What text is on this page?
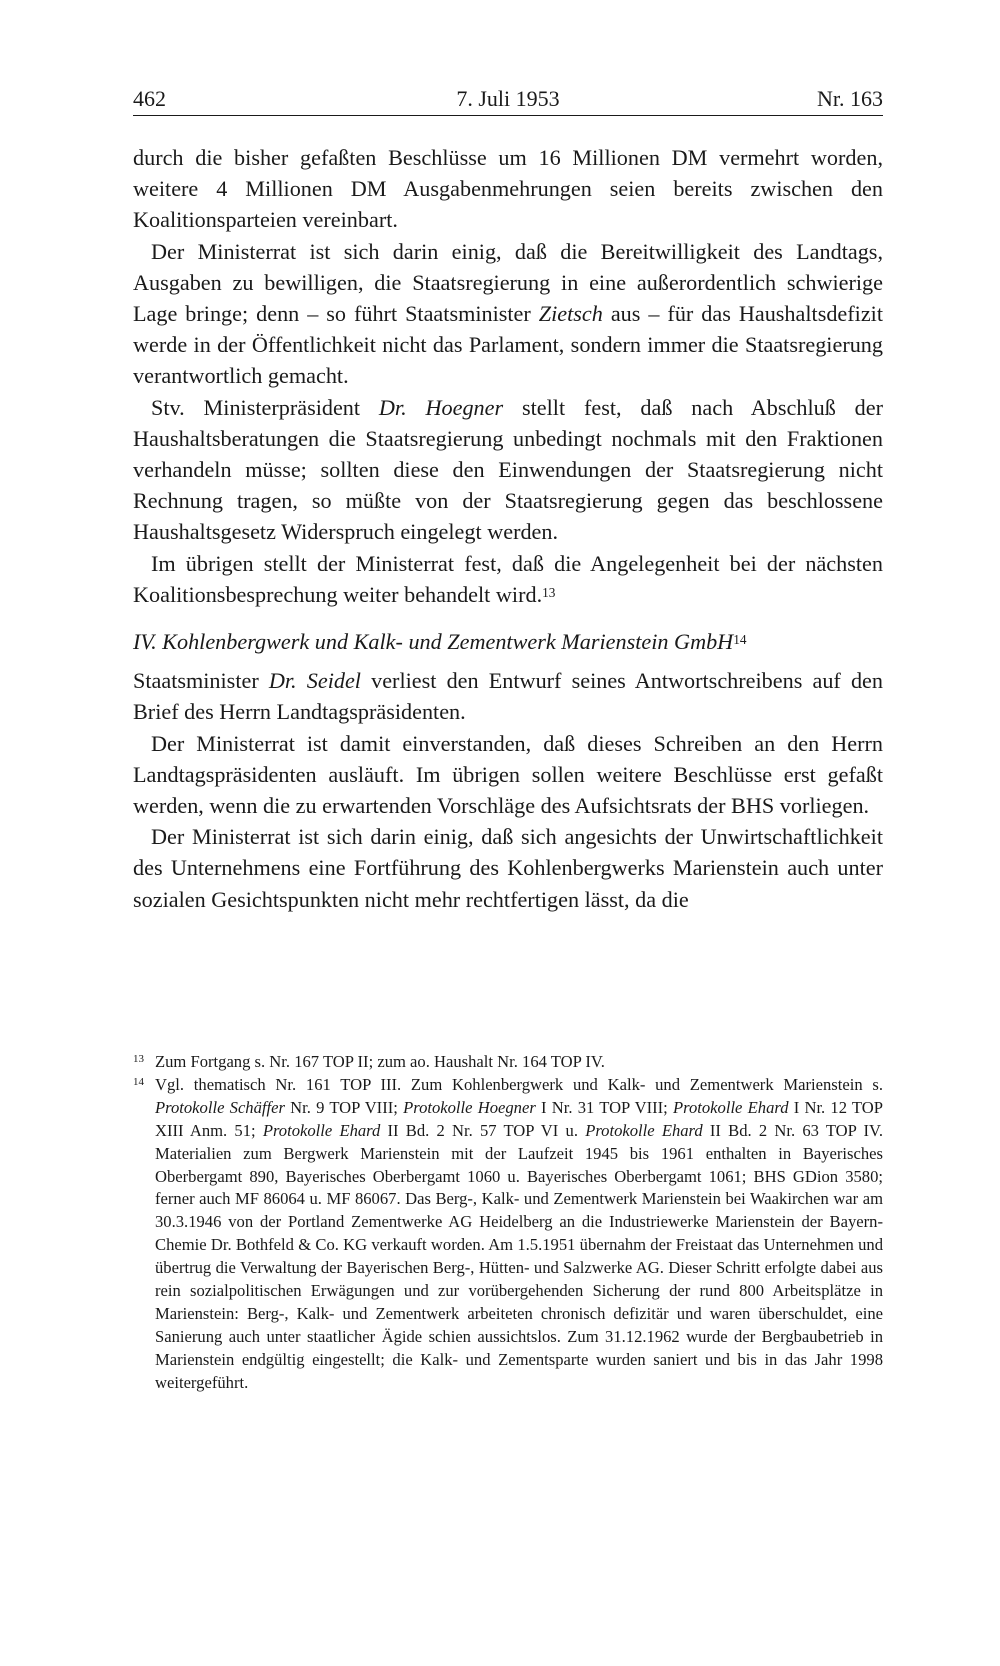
462	7. Juli 1953	Nr. 163

durch die bisher gefaßten Beschlüsse um 16 Millionen DM vermehrt worden, weitere 4 Millionen DM Ausgabenmehrungen seien bereits zwischen den Koalitionsparteien vereinbart.

Der Ministerrat ist sich darin einig, daß die Bereitwilligkeit des Landtags, Ausgaben zu bewilligen, die Staatsregierung in eine außerordentlich schwierige Lage bringe; denn – so führt Staatsminister Zietsch aus – für das Haushaltsdefizit werde in der Öffentlichkeit nicht das Parlament, sondern immer die Staatsregierung verantwortlich gemacht.

Stv. Ministerpräsident Dr. Hoegner stellt fest, daß nach Abschluß der Haushaltsberatungen die Staatsregierung unbedingt nochmals mit den Fraktionen verhandeln müsse; sollten diese den Einwendungen der Staatsregierung nicht Rechnung tragen, so müßte von der Staatsregierung gegen das beschlossene Haushaltsgesetz Widerspruch eingelegt werden.

Im übrigen stellt der Ministerrat fest, daß die Angelegenheit bei der nächsten Koalitionsbesprechung weiter behandelt wird.$^{13}$

IV. Kohlenbergwerk und Kalk- und Zementwerk Marienstein GmbH$^{14}$

Staatsminister Dr. Seidel verliest den Entwurf seines Antwortschreibens auf den Brief des Herrn Landtagspräsidenten.

Der Ministerrat ist damit einverstanden, daß dieses Schreiben an den Herrn Landtagspräsidenten ausläuft. Im übrigen sollen weitere Beschlüsse erst gefaßt werden, wenn die zu erwartenden Vorschläge des Aufsichtsrats der BHS vorliegen.

Der Ministerrat ist sich darin einig, daß sich angesichts der Unwirtschaftlichkeit des Unternehmens eine Fortführung des Kohlenbergwerks Marienstein auch unter sozialen Gesichtspunkten nicht mehr rechtfertigen lässt, da die

13 Zum Fortgang s. Nr. 167 TOP II; zum ao. Haushalt Nr. 164 TOP IV.

14 Vgl. thematisch Nr. 161 TOP III. Zum Kohlenbergwerk und Kalk- und Zementwerk Marienstein s. Protokolle Schäffer Nr. 9 TOP VIII; Protokolle Hoegner I Nr. 31 TOP VIII; Protokolle Ehard I Nr. 12 TOP XIII Anm. 51; Protokolle Ehard II Bd. 2 Nr. 57 TOP VI u. Protokolle Ehard II Bd. 2 Nr. 63 TOP IV. Materialien zum Bergwerk Marienstein mit der Laufzeit 1945 bis 1961 enthalten in Bayerisches Oberbergamt 890, Bayerisches Oberbergamt 1060 u. Bayerisches Oberbergamt 1061; BHS GDion 3580; ferner auch MF 86064 u. MF 86067. Das Berg-, Kalk- und Zementwerk Marienstein bei Waakirchen war am 30.3.1946 von der Portland Zementwerke AG Heidelberg an die Industriewerke Marienstein der Bayern-Chemie Dr. Bothfeld & Co. KG verkauft worden. Am 1.5.1951 übernahm der Freistaat das Unternehmen und übertrug die Verwaltung der Bayerischen Berg-, Hütten- und Salzwerke AG. Dieser Schritt erfolgte dabei aus rein sozialpolitischen Erwägungen und zur vorübergehenden Sicherung der rund 800 Arbeitsplätze in Marienstein: Berg-, Kalk- und Zementwerk arbeiteten chronisch defizitär und waren überschuldet, eine Sanierung auch unter staatlicher Ägide schien aussichtslos. Zum 31.12.1962 wurde der Bergbaubetrieb in Marienstein endgültig eingestellt; die Kalk- und Zementsparte wurden saniert und bis in das Jahr 1998 weitergeführt.
